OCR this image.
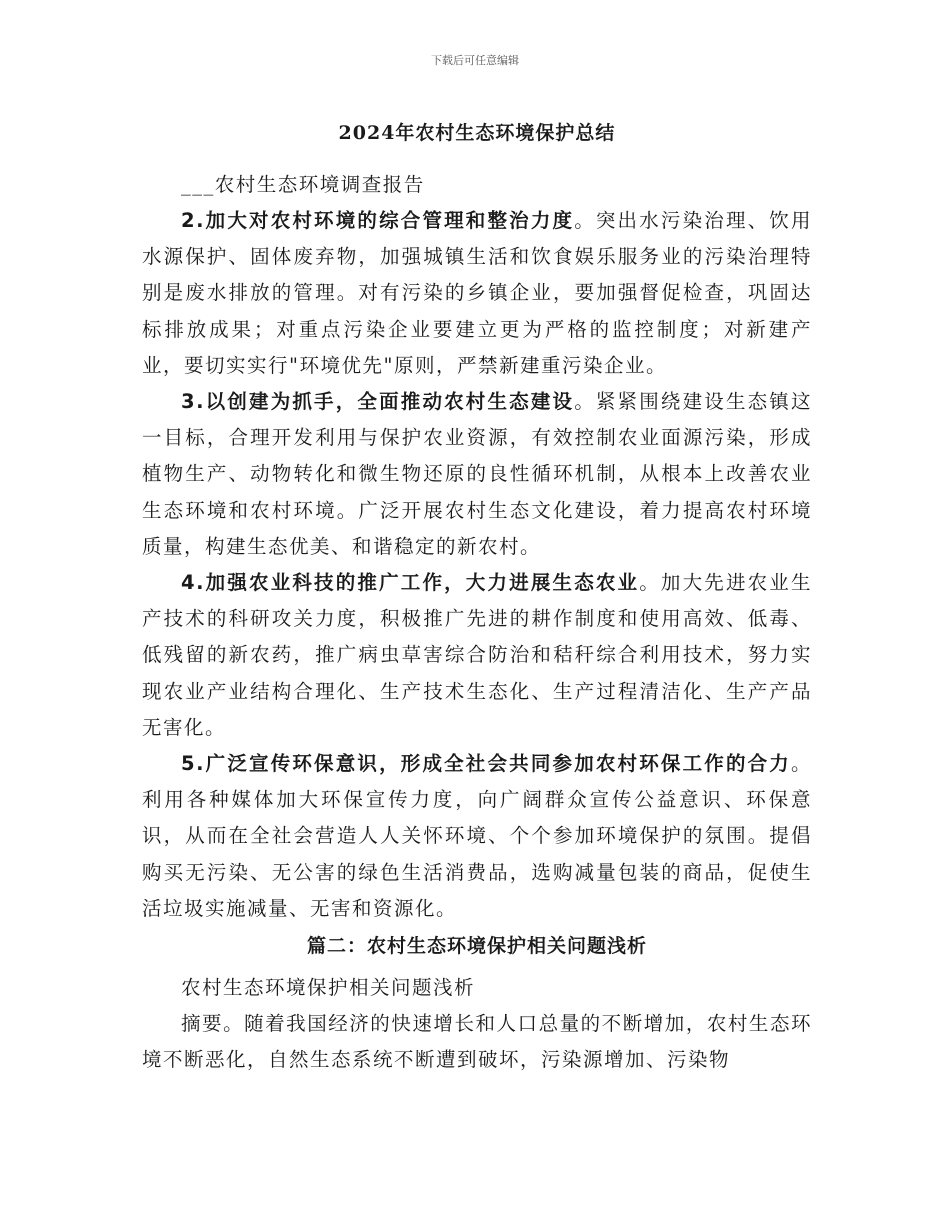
下载后可任意编辑
2024年农村生态环境保护总结

___农村生态环境调查报告

2.加大对农村环境的综合管理和整治力度。突出水污染治理、饮用水源保护、固体废弃物，加强城镇生活和饮食娱乐服务业的污染治理特别是废水排放的管理。对有污染的乡镇企业，要加强督促检查，巩固达标排放成果；对重点污染企业要建立更为严格的监控制度；对新建产业，要切实实行"环境优先"原则，严禁新建重污染企业。

3.以创建为抓手，全面推动农村生态建设。紧紧围绕建设生态镇这一目标，合理开发利用与保护农业资源，有效控制农业面源污染，形成植物生产、动物转化和微生物还原的良性循环机制，从根本上改善农业生态环境和农村环境。广泛开展农村生态文化建设，着力提高农村环境质量，构建生态优美、和谐稳定的新农村。

4.加强农业科技的推广工作，大力进展生态农业。加大先进农业生产技术的科研攻关力度，积极推广先进的耕作制度和使用高效、低毒、低残留的新农药，推广病虫草害综合防治和秸秆综合利用技术，努力实现农业产业结构合理化、生产技术生态化、生产过程清洁化、生产产品无害化。

5.广泛宣传环保意识，形成全社会共同参加农村环保工作的合力。利用各种媒体加大环保宣传力度，向广阔群众宣传公益意识、环保意识，从而在全社会营造人人关怀环境、个个参加环境保护的氛围。提倡购买无污染、无公害的绿色生活消费品，选购减量包装的商品，促使生活垃圾实施减量、无害和资源化。

篇二：农村生态环境保护相关问题浅析

农村生态环境保护相关问题浅析

摘要。随着我国经济的快速增长和人口总量的不断增加，农村生态环境不断恶化，自然生态系统不断遭到破坏，污染源增加、污染物
